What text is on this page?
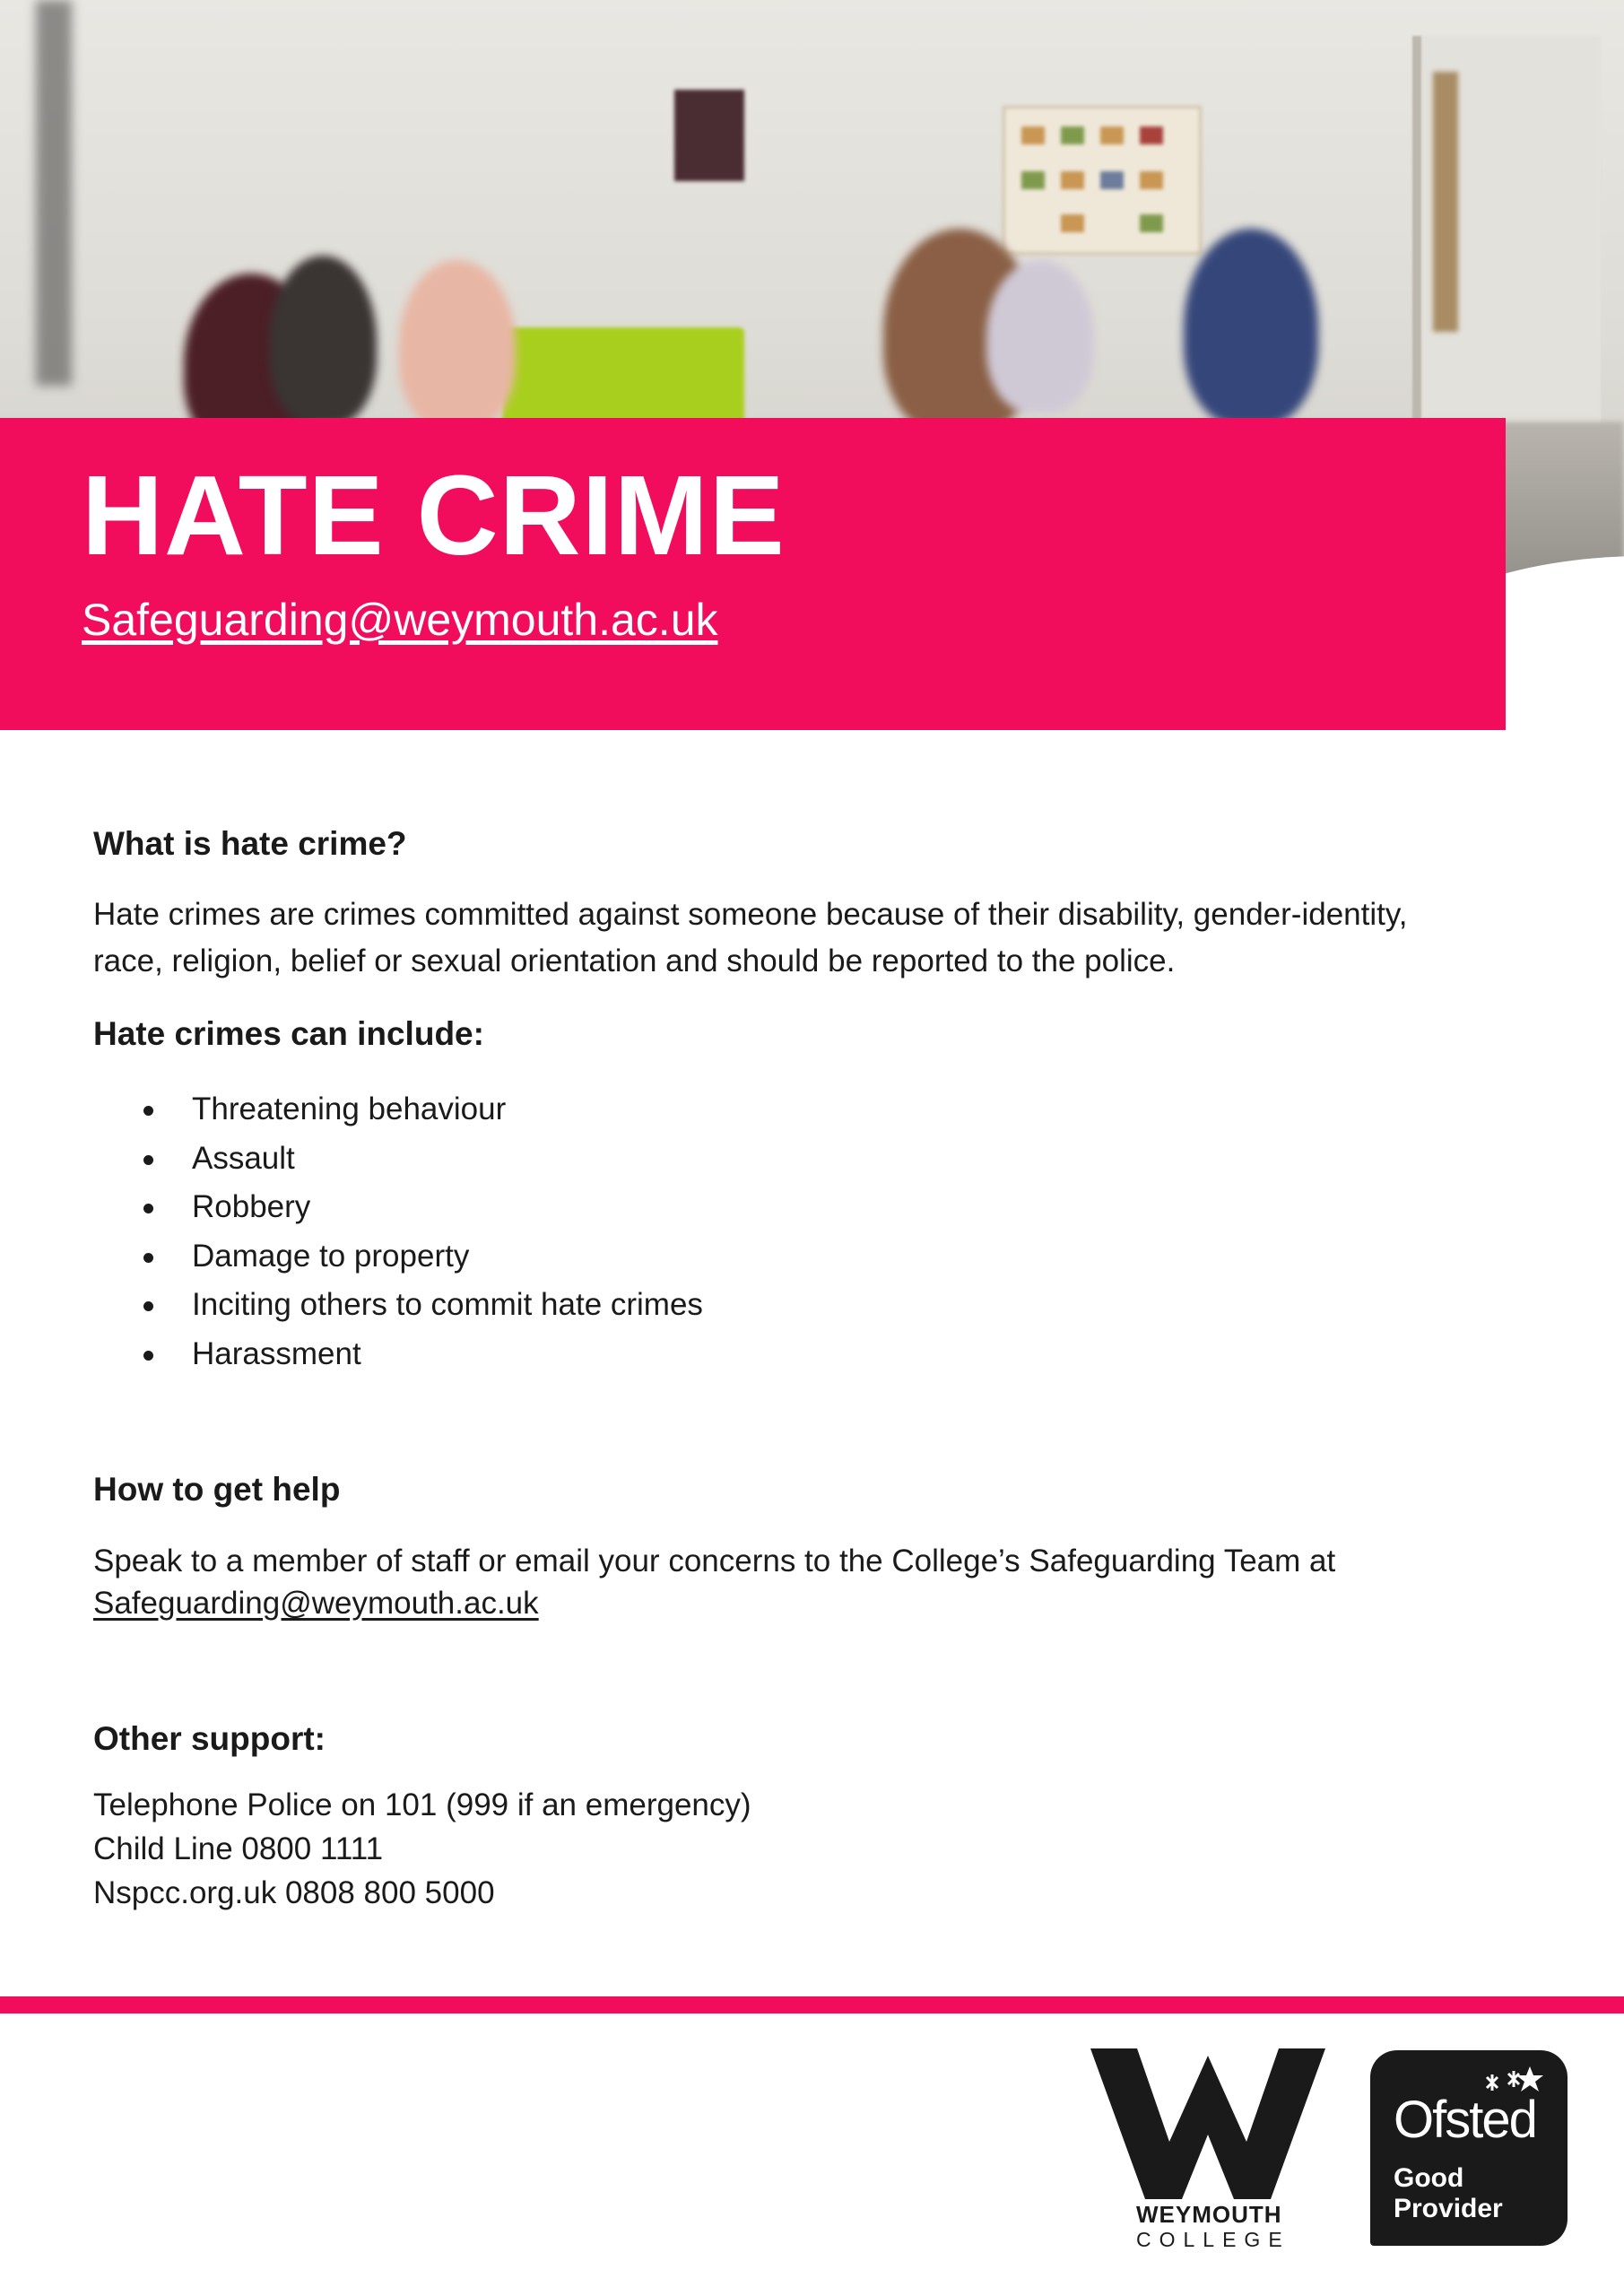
HATE CRIME
Safeguarding@weymouth.ac.uk
What is hate crime?

Hate crimes are crimes committed against someone because of their disability, gender-identity, race, religion, belief or sexual orientation and should be reported to the police.

Hate crimes can include:
Threatening behaviour
Assault
Robbery
Damage to property
Inciting others to commit hate crimes
Harassment
How to get help

Speak to a member of staff or email your concerns to the College’s Safeguarding Team at
Safeguarding@weymouth.ac.uk

Other support:
Telephone Police on 101 (999 if an emergency)
Child Line 0800 1111
Nspcc.org.uk 0808 800 5000
WEYMOUTH
COLLEGE
Ofsted
Good
Provider
